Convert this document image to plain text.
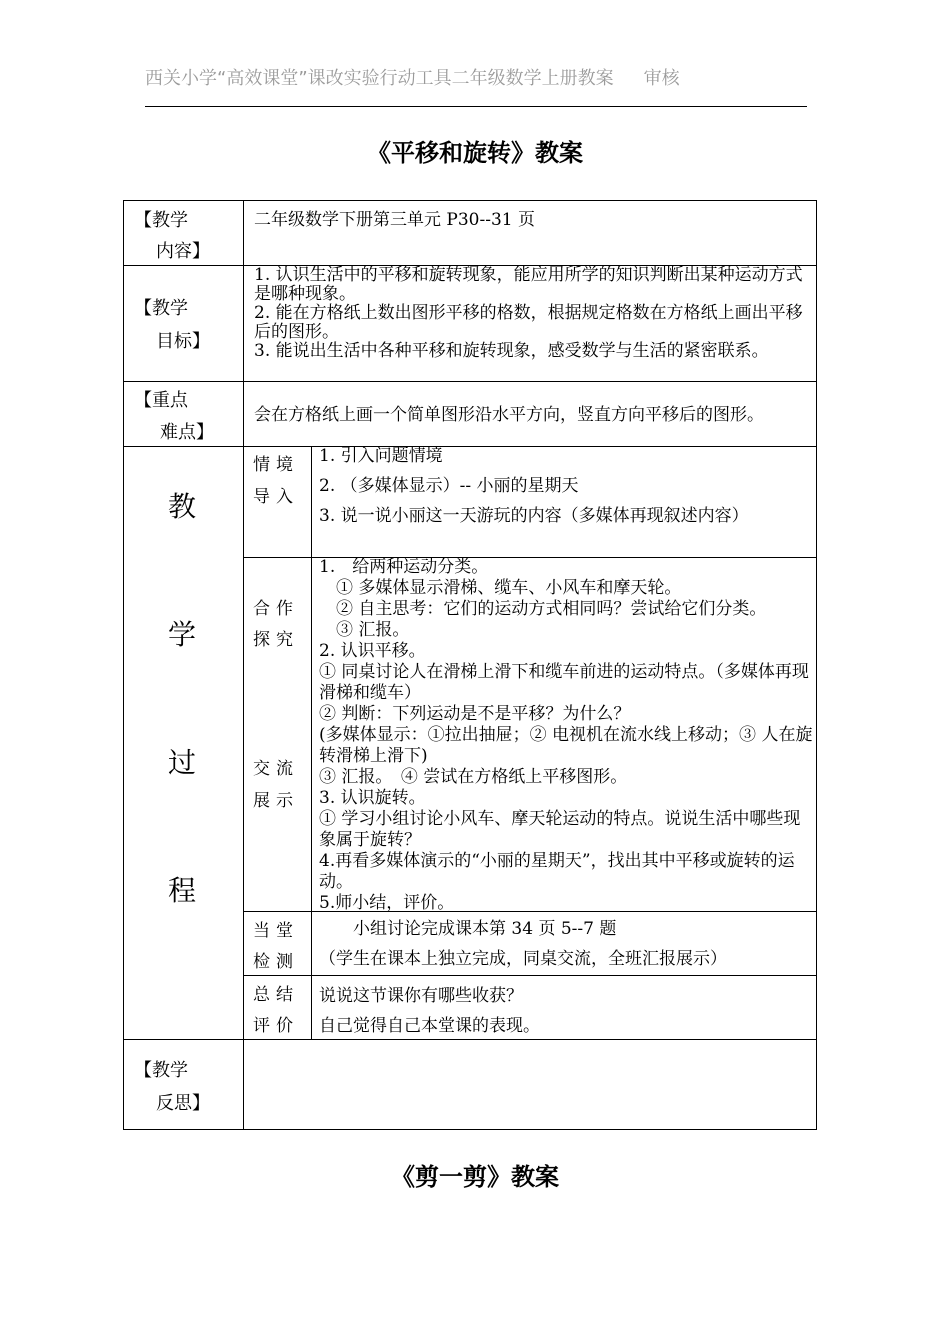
西关小学“高效课堂”课改实验行动工具二年级数学上册教案 审核
《平移和旋转》教案
【教学
内容】

二年级数学下册第三单元 P30--31 页

【教学
目标】

1. 认识生活中的平移和旋转现象，能应用所学的知识判断出某种运动方式是哪种现象。

2. 能在方格纸上数出图形平移的格数，根据规定格数在方格纸上画出平移后的图形。

3. 能说出生活中各种平移和旋转现象，感受数学与生活的紧密联系。

【重点
难点】

会在方格纸上画一个简单图形沿水平方向，竖直方向平移后的图形。

教
学
过
程
情境
导入

1. 引入问题情境

2. （多媒体显示）-- 小丽的星期天

3. 说一说小丽这一天游玩的内容（多媒体再现叙述内容）

合作
探究
交流
展示

1.　给两种运动分类。

　① 多媒体显示滑梯、缆车、小风车和摩天轮。

　② 自主思考：它们的运动方式相同吗？尝试给它们分类。

　③ 汇报。

2. 认识平移。

① 同桌讨论人在滑梯上滑下和缆车前进的运动特点。（多媒体再现滑梯和缆车）

② 判断：下列运动是不是平移？为什么？

(多媒体显示：①拉出抽屉；② 电视机在流水线上移动；③ 人在旋转滑梯上滑下)

③ 汇报。　④ 尝试在方格纸上平移图形。

3. 认识旋转。

① 学习小组讨论小风车、摩天轮运动的特点。说说生活中哪些现象属于旋转？

4.再看多媒体演示的“小丽的星期天”，找出其中平移或旋转的运动。

5.师小结，评价。

当堂
检测

　　小组讨论完成课本第 34 页 5--7 题

（学生在课本上独立完成，同桌交流，全班汇报展示）

总结
评价

说说这节课你有哪些收获？

自己觉得自己本堂课的表现。

【教学
反思】

《剪一剪》教案
